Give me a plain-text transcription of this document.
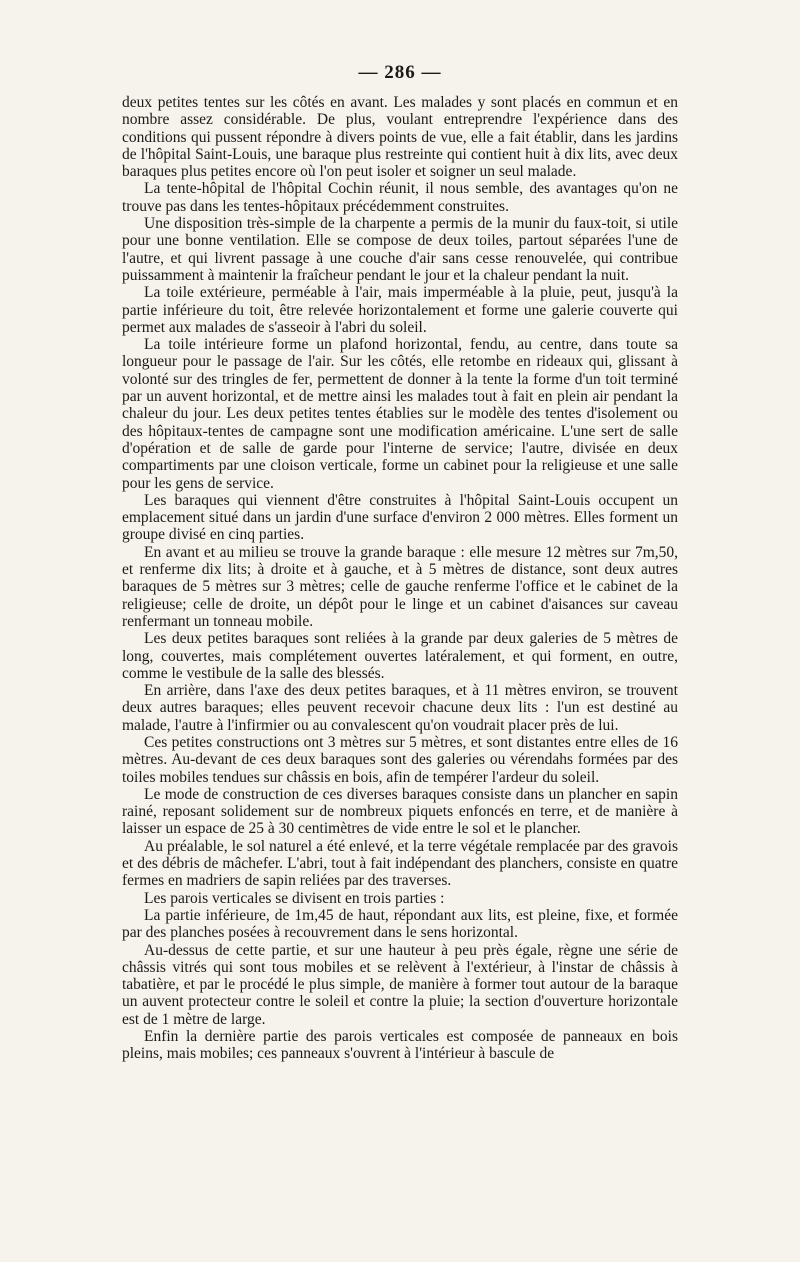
— 286 —

deux petites tentes sur les côtés en avant. Les malades y sont placés en commun et en nombre assez considérable. De plus, voulant entreprendre l'expérience dans des conditions qui pussent répondre à divers points de vue, elle a fait établir, dans les jardins de l'hôpital Saint-Louis, une baraque plus restreinte qui contient huit à dix lits, avec deux baraques plus petites encore où l'on peut isoler et soigner un seul malade.

La tente-hôpital de l'hôpital Cochin réunit, il nous semble, des avantages qu'on ne trouve pas dans les tentes-hôpitaux précédemment construites.

Une disposition très-simple de la charpente a permis de la munir du faux-toit, si utile pour une bonne ventilation. Elle se compose de deux toiles, partout séparées l'une de l'autre, et qui livrent passage à une couche d'air sans cesse renouvelée, qui contribue puissamment à maintenir la fraîcheur pendant le jour et la chaleur pendant la nuit.

La toile extérieure, perméable à l'air, mais imperméable à la pluie, peut, jusqu'à la partie inférieure du toit, être relevée horizontalement et forme une galerie couverte qui permet aux malades de s'asseoir à l'abri du soleil.

La toile intérieure forme un plafond horizontal, fendu, au centre, dans toute sa longueur pour le passage de l'air. Sur les côtés, elle retombe en rideaux qui, glissant à volonté sur des tringles de fer, permettent de donner à la tente la forme d'un toit terminé par un auvent horizontal, et de mettre ainsi les malades tout à fait en plein air pendant la chaleur du jour. Les deux petites tentes établies sur le modèle des tentes d'isolement ou des hôpitaux-tentes de campagne sont une modification américaine. L'une sert de salle d'opération et de salle de garde pour l'interne de service; l'autre, divisée en deux compartiments par une cloison verticale, forme un cabinet pour la religieuse et une salle pour les gens de service.

Les baraques qui viennent d'être construites à l'hôpital Saint-Louis occupent un emplacement situé dans un jardin d'une surface d'environ 2 000 mètres. Elles forment un groupe divisé en cinq parties.

En avant et au milieu se trouve la grande baraque : elle mesure 12 mètres sur 7m,50, et renferme dix lits; à droite et à gauche, et à 5 mètres de distance, sont deux autres baraques de 5 mètres sur 3 mètres; celle de gauche renferme l'office et le cabinet de la religieuse; celle de droite, un dépôt pour le linge et un cabinet d'aisances sur caveau renfermant un tonneau mobile.

Les deux petites baraques sont reliées à la grande par deux galeries de 5 mètres de long, couvertes, mais complétement ouvertes latéralement, et qui forment, en outre, comme le vestibule de la salle des blessés.

En arrière, dans l'axe des deux petites baraques, et à 11 mètres environ, se trouvent deux autres baraques; elles peuvent recevoir chacune deux lits : l'un est destiné au malade, l'autre à l'infirmier ou au convalescent qu'on voudrait placer près de lui.

Ces petites constructions ont 3 mètres sur 5 mètres, et sont distantes entre elles de 16 mètres. Au-devant de ces deux baraques sont des galeries ou vérendahs formées par des toiles mobiles tendues sur châssis en bois, afin de tempérer l'ardeur du soleil.

Le mode de construction de ces diverses baraques consiste dans un plancher en sapin rainé, reposant solidement sur de nombreux piquets enfoncés en terre, et de manière à laisser un espace de 25 à 30 centimètres de vide entre le sol et le plancher.

Au préalable, le sol naturel a été enlevé, et la terre végétale remplacée par des gravois et des débris de mâchefer. L'abri, tout à fait indépendant des planchers, consiste en quatre fermes en madriers de sapin reliées par des traverses.

Les parois verticales se divisent en trois parties :

La partie inférieure, de 1m,45 de haut, répondant aux lits, est pleine, fixe, et formée par des planches posées à recouvrement dans le sens horizontal.

Au-dessus de cette partie, et sur une hauteur à peu près égale, règne une série de châssis vitrés qui sont tous mobiles et se relèvent à l'extérieur, à l'instar de châssis à tabatière, et par le procédé le plus simple, de manière à former tout autour de la baraque un auvent protecteur contre le soleil et contre la pluie; la section d'ouverture horizontale est de 1 mètre de large.

Enfin la dernière partie des parois verticales est composée de panneaux en bois pleins, mais mobiles; ces panneaux s'ouvrent à l'intérieur à bascule de
